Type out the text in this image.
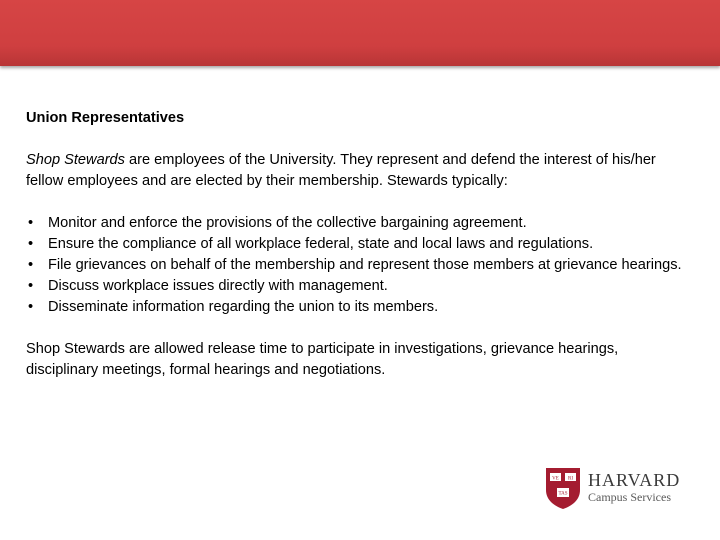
Union Representatives

Shop Stewards are employees of the University. They represent and defend the interest of his/her fellow employees and are elected by their membership. Stewards typically:

• Monitor and enforce the provisions of the collective bargaining agreement.
• Ensure the compliance of all workplace federal, state and local laws and regulations.
• File grievances on behalf of the membership and represent those members at grievance hearings.
• Discuss workplace issues directly with management.
• Disseminate information regarding the union to its members.

Shop Stewards are allowed release time to participate in investigations, grievance hearings, disciplinary meetings, formal hearings and negotiations.

VE RI
TAS
HARVARD
Campus Services
